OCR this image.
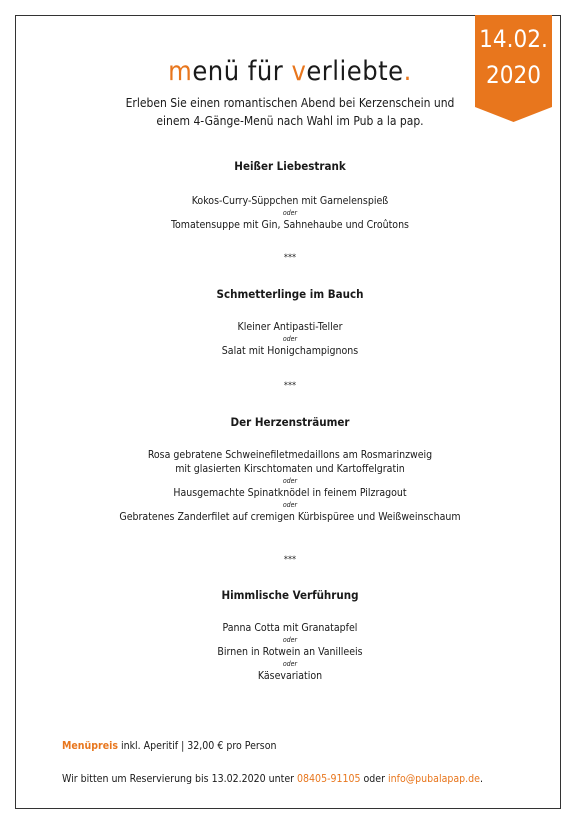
14.02.
2020
menü für verliebte.
Erleben Sie einen romantischen Abend bei Kerzenschein und
einem 4-Gänge-Menü nach Wahl im Pub a la pap.
Heißer Liebestrank
Kokos-Curry-Süppchen mit Garnelenspieß
oder
Tomatensuppe mit Gin, Sahnehaube und Croûtons
***
Schmetterlinge im Bauch
Kleiner Antipasti-Teller
oder
Salat mit Honigchampignons
***
Der Herzensträumer
Rosa gebratene Schweinefiletmedaillons am Rosmarinzweig
mit glasierten Kirschtomaten und Kartoffelgratin
oder
Hausgemachte Spinatknödel in feinem Pilzragout
oder
Gebratenes Zanderfilet auf cremigen Kürbispüree und Weißweinschaum
***
Himmlische Verführung
Panna Cotta mit Granatapfel
oder
Birnen in Rotwein an Vanilleeis
oder
Käsevariation
Menüpreis inkl. Aperitif | 32,00 € pro Person
Wir bitten um Reservierung bis 13.02.2020 unter 08405-91105 oder info@pubalapap.de.
